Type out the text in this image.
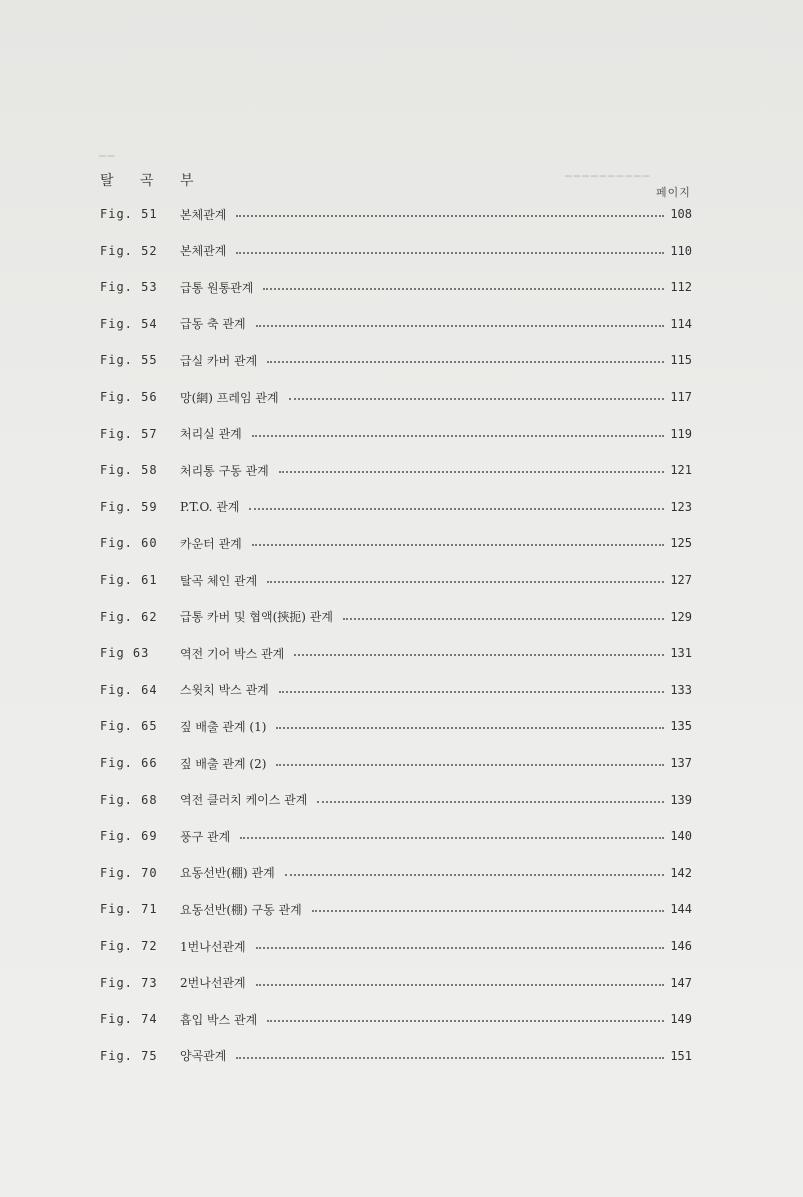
━━
━━━━━━━━━━
탈 곡 부
페이지
Fig. 51	본체관계	108
Fig. 52	본체관계	110
Fig. 53	급통 원통관계	112
Fig. 54	급동 축 관계	114
Fig. 55	급실 카버 관계	115
Fig. 56	망(網) 프레임 관계	117
Fig. 57	처리실 관계	119
Fig. 58	처리통 구동 관계	121
Fig. 59	P.T.O. 관계	123
Fig. 60	카운터 관계	125
Fig. 61	탈곡 체인 관계	127
Fig. 62	급통 카버 및 협액(挾扼) 관계	129
Fig 63	역전 기어 박스 관계	131
Fig. 64	스윗치 박스 관계	133
Fig. 65	짚 배출 관계 (1)	135
Fig. 66	짚 배출 관계 (2)	137
Fig. 68	역전 클러치 케이스 관계	139
Fig. 69	풍구 관계	140
Fig. 70	요동선반(棚) 관계	142
Fig. 71	요동선반(棚) 구동 관계	144
Fig. 72	1번나선관계	146
Fig. 73	2번나선관계	147
Fig. 74	흡입 박스 관계	149
Fig. 75	양곡관계	151
